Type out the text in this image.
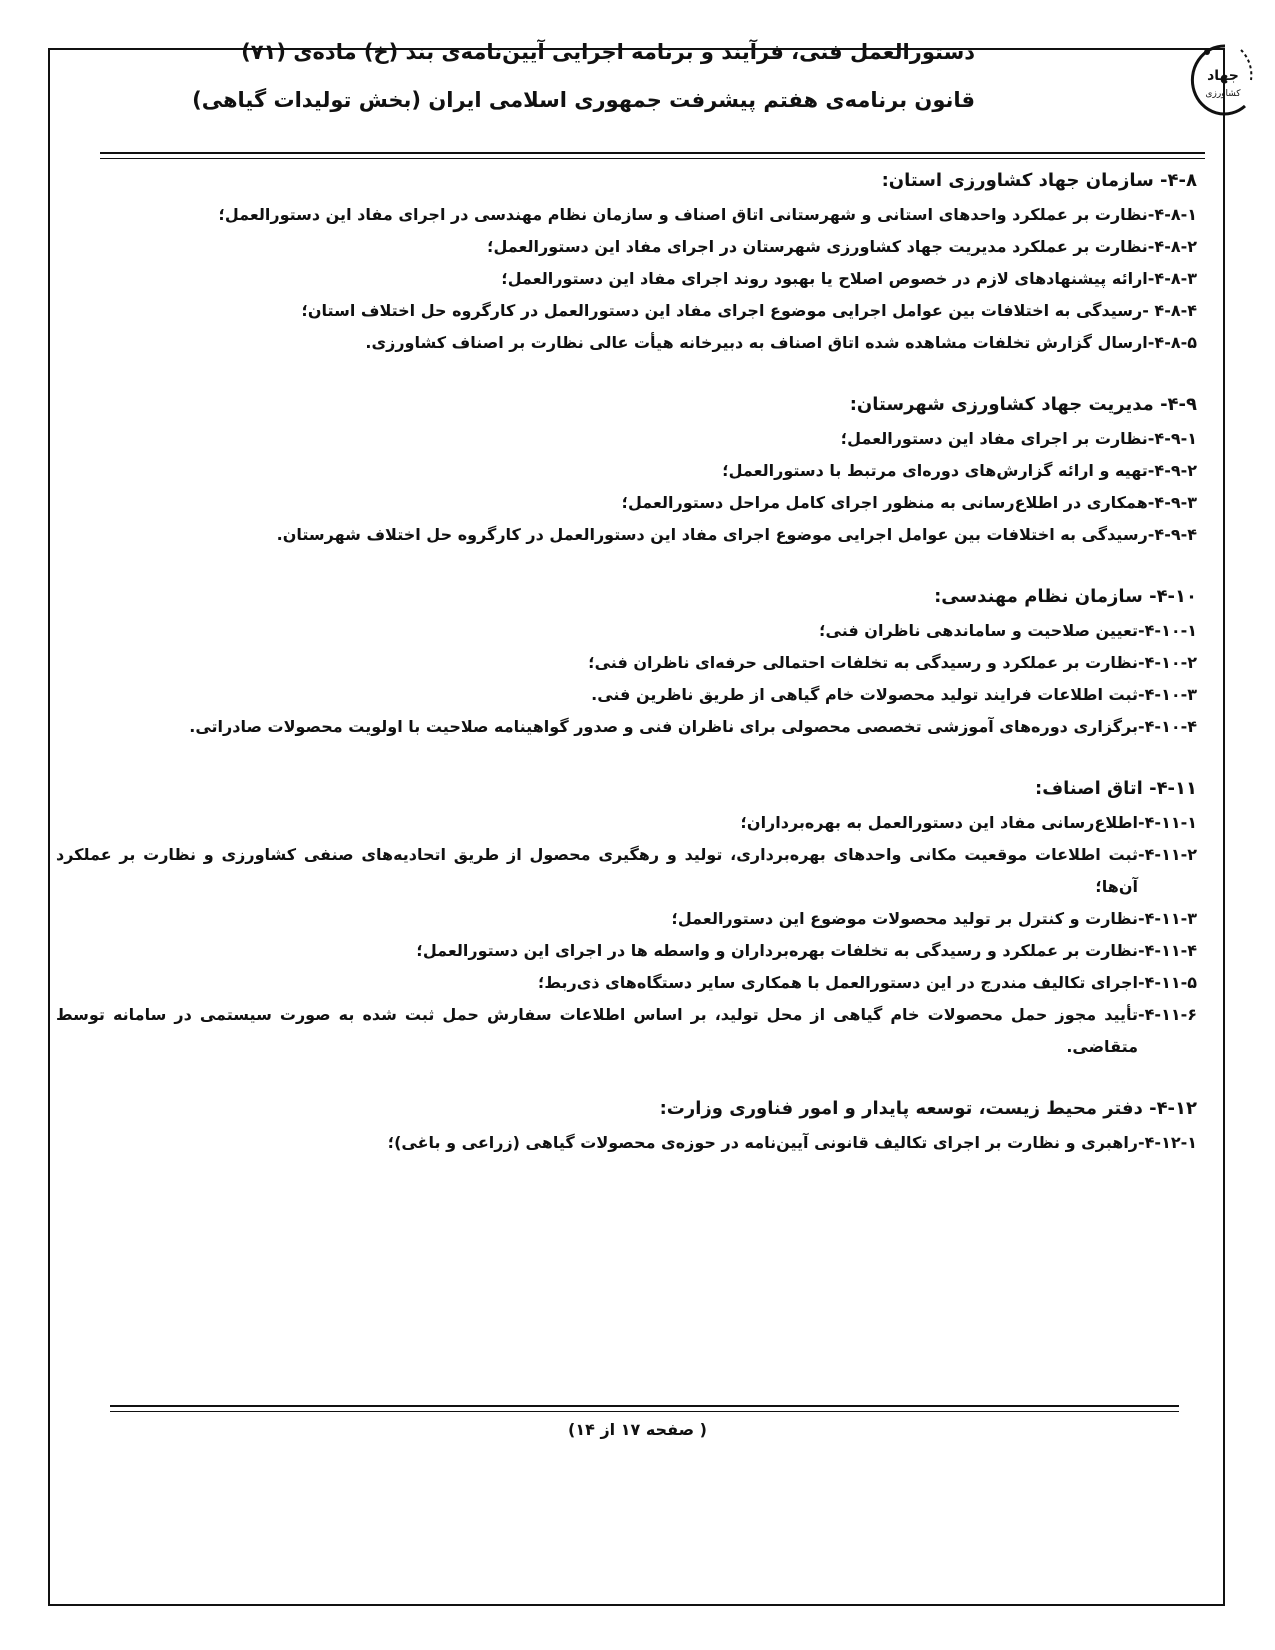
دستورالعمل فنی، فرآیند و برنامه اجرایی آیین‌نامه‌ی بند (خ) ماده‌ی (۷۱)
قانون برنامه‌ی هفتم پیشرفت جمهوری اسلامی ایران (بخش تولیدات گیاهی)
جهاد
کشاورزی
۴-۸- سازمان جهاد کشاورزی استان:
۴-۸-۱-
نظارت بر عملکرد واحدهای استانی و شهرستانی اتاق اصناف و سازمان نظام مهندسی در اجرای مفاد این دستورالعمل؛
۴-۸-۲-
نظارت بر عملکرد مدیریت جهاد کشاورزی شهرستان در اجرای مفاد این دستورالعمل؛
۴-۸-۳-
ارائه پیشنهادهای لازم در خصوص اصلاح یا بهبود روند اجرای مفاد این دستورالعمل؛
۴-۸-۴ -
رسیدگی به اختلافات بین عوامل اجرایی موضوع اجرای مفاد این دستورالعمل در کارگروه حل اختلاف استان؛
۴-۸-۵-
ارسال گزارش تخلفات مشاهده شده اتاق اصناف به دبیرخانه هیأت عالی نظارت بر اصناف کشاورزی.
۴-۹- مدیریت جهاد کشاورزی شهرستان:
۴-۹-۱-
نظارت بر اجرای مفاد این دستورالعمل؛
۴-۹-۲-
تهیه و ارائه گزارش‌های دوره‌ای مرتبط با دستورالعمل؛
۴-۹-۳-
همکاری در اطلاع‌رسانی به منظور اجرای کامل مراحل دستورالعمل؛
۴-۹-۴-
رسیدگی به اختلافات بین عوامل اجرایی موضوع اجرای مفاد این دستورالعمل در کارگروه حل اختلاف شهرستان.
۴-۱۰- سازمان نظام مهندسی:
۴-۱۰-۱-
تعیین صلاحیت و ساماندهی ناظران فنی؛
۴-۱۰-۲-
نظارت بر عملکرد و رسیدگی به تخلفات احتمالی حرفه‌ای ناظران فنی؛
۴-۱۰-۳-
ثبت اطلاعات فرایند تولید محصولات خام گیاهی از طریق ناظرین فنی.
۴-۱۰-۴-
برگزاری دوره‌های آموزشی تخصصی محصولی برای ناظران فنی و صدور گواهینامه صلاحیت با اولویت محصولات صادراتی.
۴-۱۱- اتاق اصناف:
۴-۱۱-۱-
اطلاع‌رسانی مفاد این دستورالعمل به بهره‌برداران؛
۴-۱۱-۲-
ثبت اطلاعات موقعیت مکانی واحدهای بهره‌برداری، تولید و رهگیری محصول از طریق اتحادیه‌های صنفی کشاورزی و نظارت بر عملکرد آن‌ها؛
۴-۱۱-۳-
نظارت و کنترل بر تولید محصولات موضوع این دستورالعمل؛
۴-۱۱-۴-
نظارت بر عملکرد و رسیدگی به تخلفات بهره‌برداران و واسطه ها در اجرای این دستورالعمل؛
۴-۱۱-۵-
اجرای تکالیف مندرج در این دستورالعمل با همکاری سایر دستگاه‌های ذی‌ربط؛
۴-۱۱-۶-
تأیید مجوز حمل محصولات خام گیاهی از محل تولید، بر اساس اطلاعات سفارش حمل ثبت شده به صورت سیستمی در سامانه توسط متقاضی.
۴-۱۲- دفتر محیط زیست، توسعه پایدار و امور فناوری وزارت:
۴-۱۲-۱-
راهبری و نظارت بر اجرای تکالیف قانونی آیین‌نامه در حوزه‌ی محصولات گیاهی (زراعی و باغی)؛
( صفحه ۱۷ از ۱۴)
